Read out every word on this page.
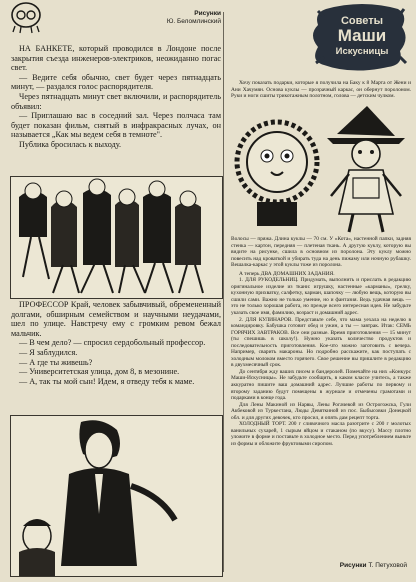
Рисунки
Ю. Беломлинский

НА БАНКЕТЕ, который проводился в Лондоне после закрытия съезда инженеров-электриков, неожиданно погас свет.

— Ведите себя обычно, свет будет через пятнадцать минут, — раздался голос распорядителя.

Через пятнадцать минут свет включили, и распорядитель объявил:

— Приглашаю вас в соседний зал. Через полчаса там будет показан фильм, снятый в инфракрасных лучах, он называется „Как мы ведем себя в темноте".

Публика бросилась к выходу.

ПРОФЕССОР Край, человек забывчивый, обремененный долгами, обширным семейством и научными неудачами, шел по улице. Навстречу ему с громким ревом бежал мальчик.

— В чем дело? — спросил сердобольный профессор.

— Я заблудился.

— А где ты живешь?

— Университетская улица, дом 8, в мезонине.

— А, так ты мой сын! Идем, я отведу тебя к маме.

Советы
Маши
Искусницы

Хочу показать подарки, которые я получила на Баку к 8 Марта от Жени и Ани Хачумян. Основа куклы — прозрачный каркас, он обернут поролоном. Руки и ноги сшиты трикотажным полотном, голова — детским чулком.

Волосы — пряжа. Длина куклы — 70 см. У «Кота», настенной папки, задняя стенка — картон, передняя — плетеная ткань. А другую куклу, которую вы видите на рисунке, сшила в основном из поролона. Эту куклу можно повесить над кроваткой и убирать туда на день пижаму или ночную рубашку. Вешалка-каркас у этой куклы тоже из поролона.

А теперь ДВА ДОМАШНИХ ЗАДАНИЯ.

1. ДЛЯ РУКОДЕЛЬНИЦ. Придумать, выполнить и прислать в редакцию оригинальное изделие из ткани: игрушку, настенные «карманы», грелку, кухонную прихватку, салфетку, карман, шапочку — любую вещь, которую вы сшили сами. Важно не только умение, но и фантазия. Ведь удачная вещь — это не только хорошая работа, но прежде всего интересная идея. Не забудьте указать свое имя, фамилию, возраст и домашний адрес.

2. ДЛЯ КУЛИНАРОВ. Представьте себе, что мама уехала на неделю в командировку. Бабушка готовит обед и ужин, а ты — завтрак. Итак: СЕМЬ ГОРЯЧИХ ЗАВТРАКОВ. Все они разные. Время приготовления — 15 минут (ты спешишь в школу!). Нужно указать количество продуктов и последовательность приготовления. Кое-что можно заготовить с вечера. Например, сварить макароны. Но подробно расскажите, как поступать с холодным молоком вместо горячего. Свое решение вы пришлите в редакцию в двухмесячный срок.

До сентября жду ваших писем и бандеролей. Помечайте на них «Конкурс Маши-Искусницы». Не забудьте сообщить, в каком классе учитесь, а также аккуратно пишите ваш домашний адрес. Лучшие работы по первому и второму заданию будут помещены в журнале и отмечены грамотами и подарками в конце года.

Для Лены Макиной из Нарвы, Лены Рогачевой из Острогожска, Гули Акбековой из Туркестана, Люды Девяткиной из пос. Быбысовки Донецкой обл. и для других девочек, кто просил, я опять дам рецепт торта.

ХОЛОДНЫЙ ТОРТ. 200 г сливочного масла разотрите с 200 г молотых ванильных сухарей, 1 сырым яйцом и стаканом (по вкусу). Массу плотно уложите в форме и поставьте в холодное место. Перед употреблением выньте из формы и обложите фруктовыми сиропом.

Рисунки Т. Петуховой
